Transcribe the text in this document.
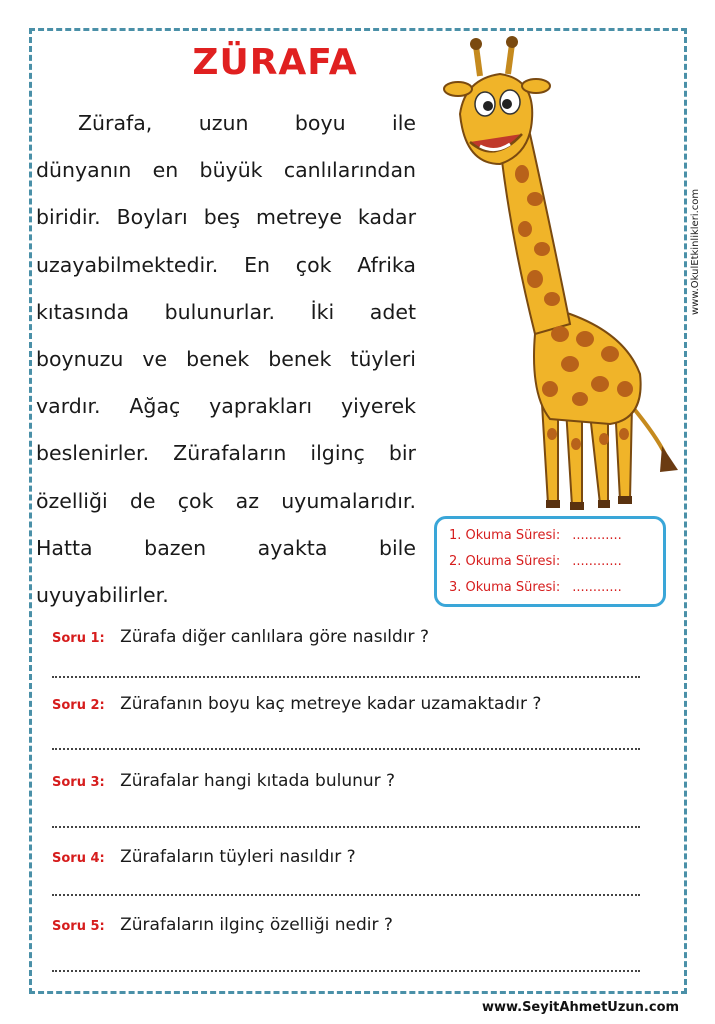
ZÜRAFA
Zürafa, uzun boyu ile
dünyanın en büyük canlılarından
biridir. Boyları beş metreye kadar
uzayabilmektedir. En çok Afrika
kıtasında bulunurlar. İki adet
boynuzu ve benek benek tüyleri
vardır. Ağaç yaprakları yiyerek
beslenirler. Zürafaların ilginç bir
özelliği de çok az uyumalarıdır.
Hatta bazen ayakta bile
uyuyabilirler.
www.OkulEtkinlikleri.com
1. Okuma Süresi: ............
2. Okuma Süresi: ............
3. Okuma Süresi: ............
Soru 1: Zürafa diğer canlılara göre nasıldır ?
Soru 2: Zürafanın boyu kaç metreye kadar uzamaktadır ?
Soru 3: Zürafalar hangi kıtada bulunur ?
Soru 4: Zürafaların tüyleri nasıldır ?
Soru 5: Zürafaların ilginç özelliği nedir ?
www.SeyitAhmetUzun.com
